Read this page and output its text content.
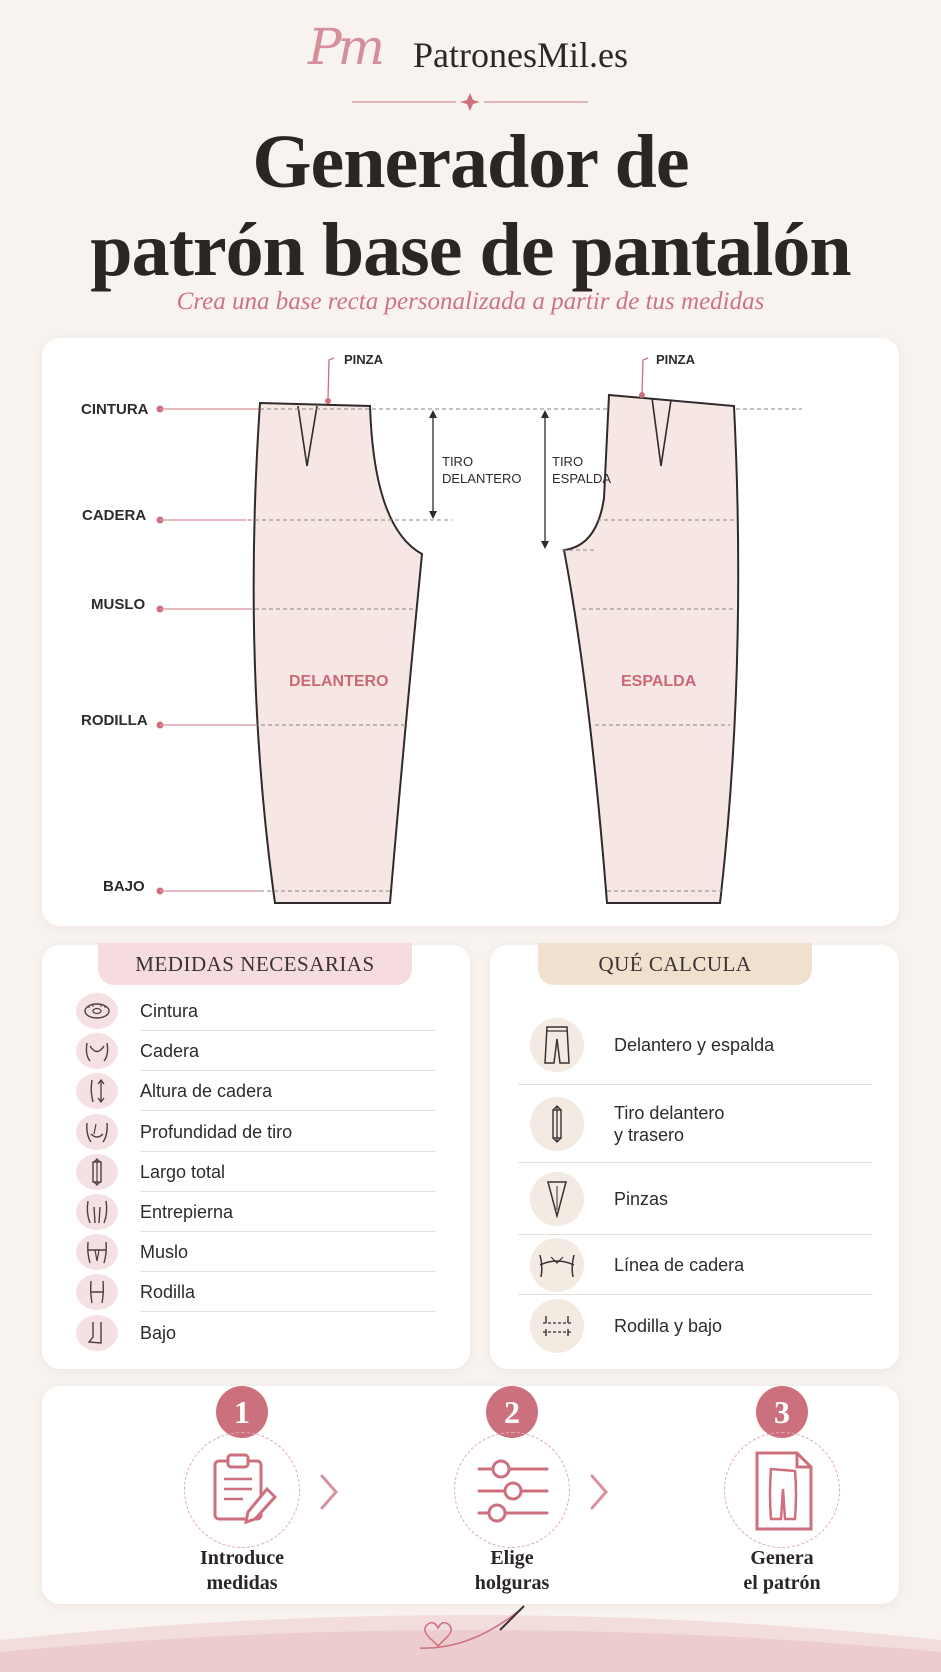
Pm PatronesMil.es
Generador de
patrón base de pantalón
Crea una base recta personalizada a partir de tus medidas
CINTURA
CADERA
MUSLO
RODILLA
BAJO
DELANTERO
PINZA
TIRO
DELANTERO
ESPALDA
PINZA
TIRO
ESPALDA
MEDIDAS NECESARIAS
Cintura
Cadera
Altura de cadera
Profundidad de tiro
Largo total
Entrepierna
Muslo
Rodilla
Bajo
QUÉ CALCULA
Delantero y espalda
Tiro delantero
y trasero
Pinzas
Línea de cadera
Rodilla y bajo
1
Introduce
medidas
2
Elige
holguras
3
Genera
el patrón
